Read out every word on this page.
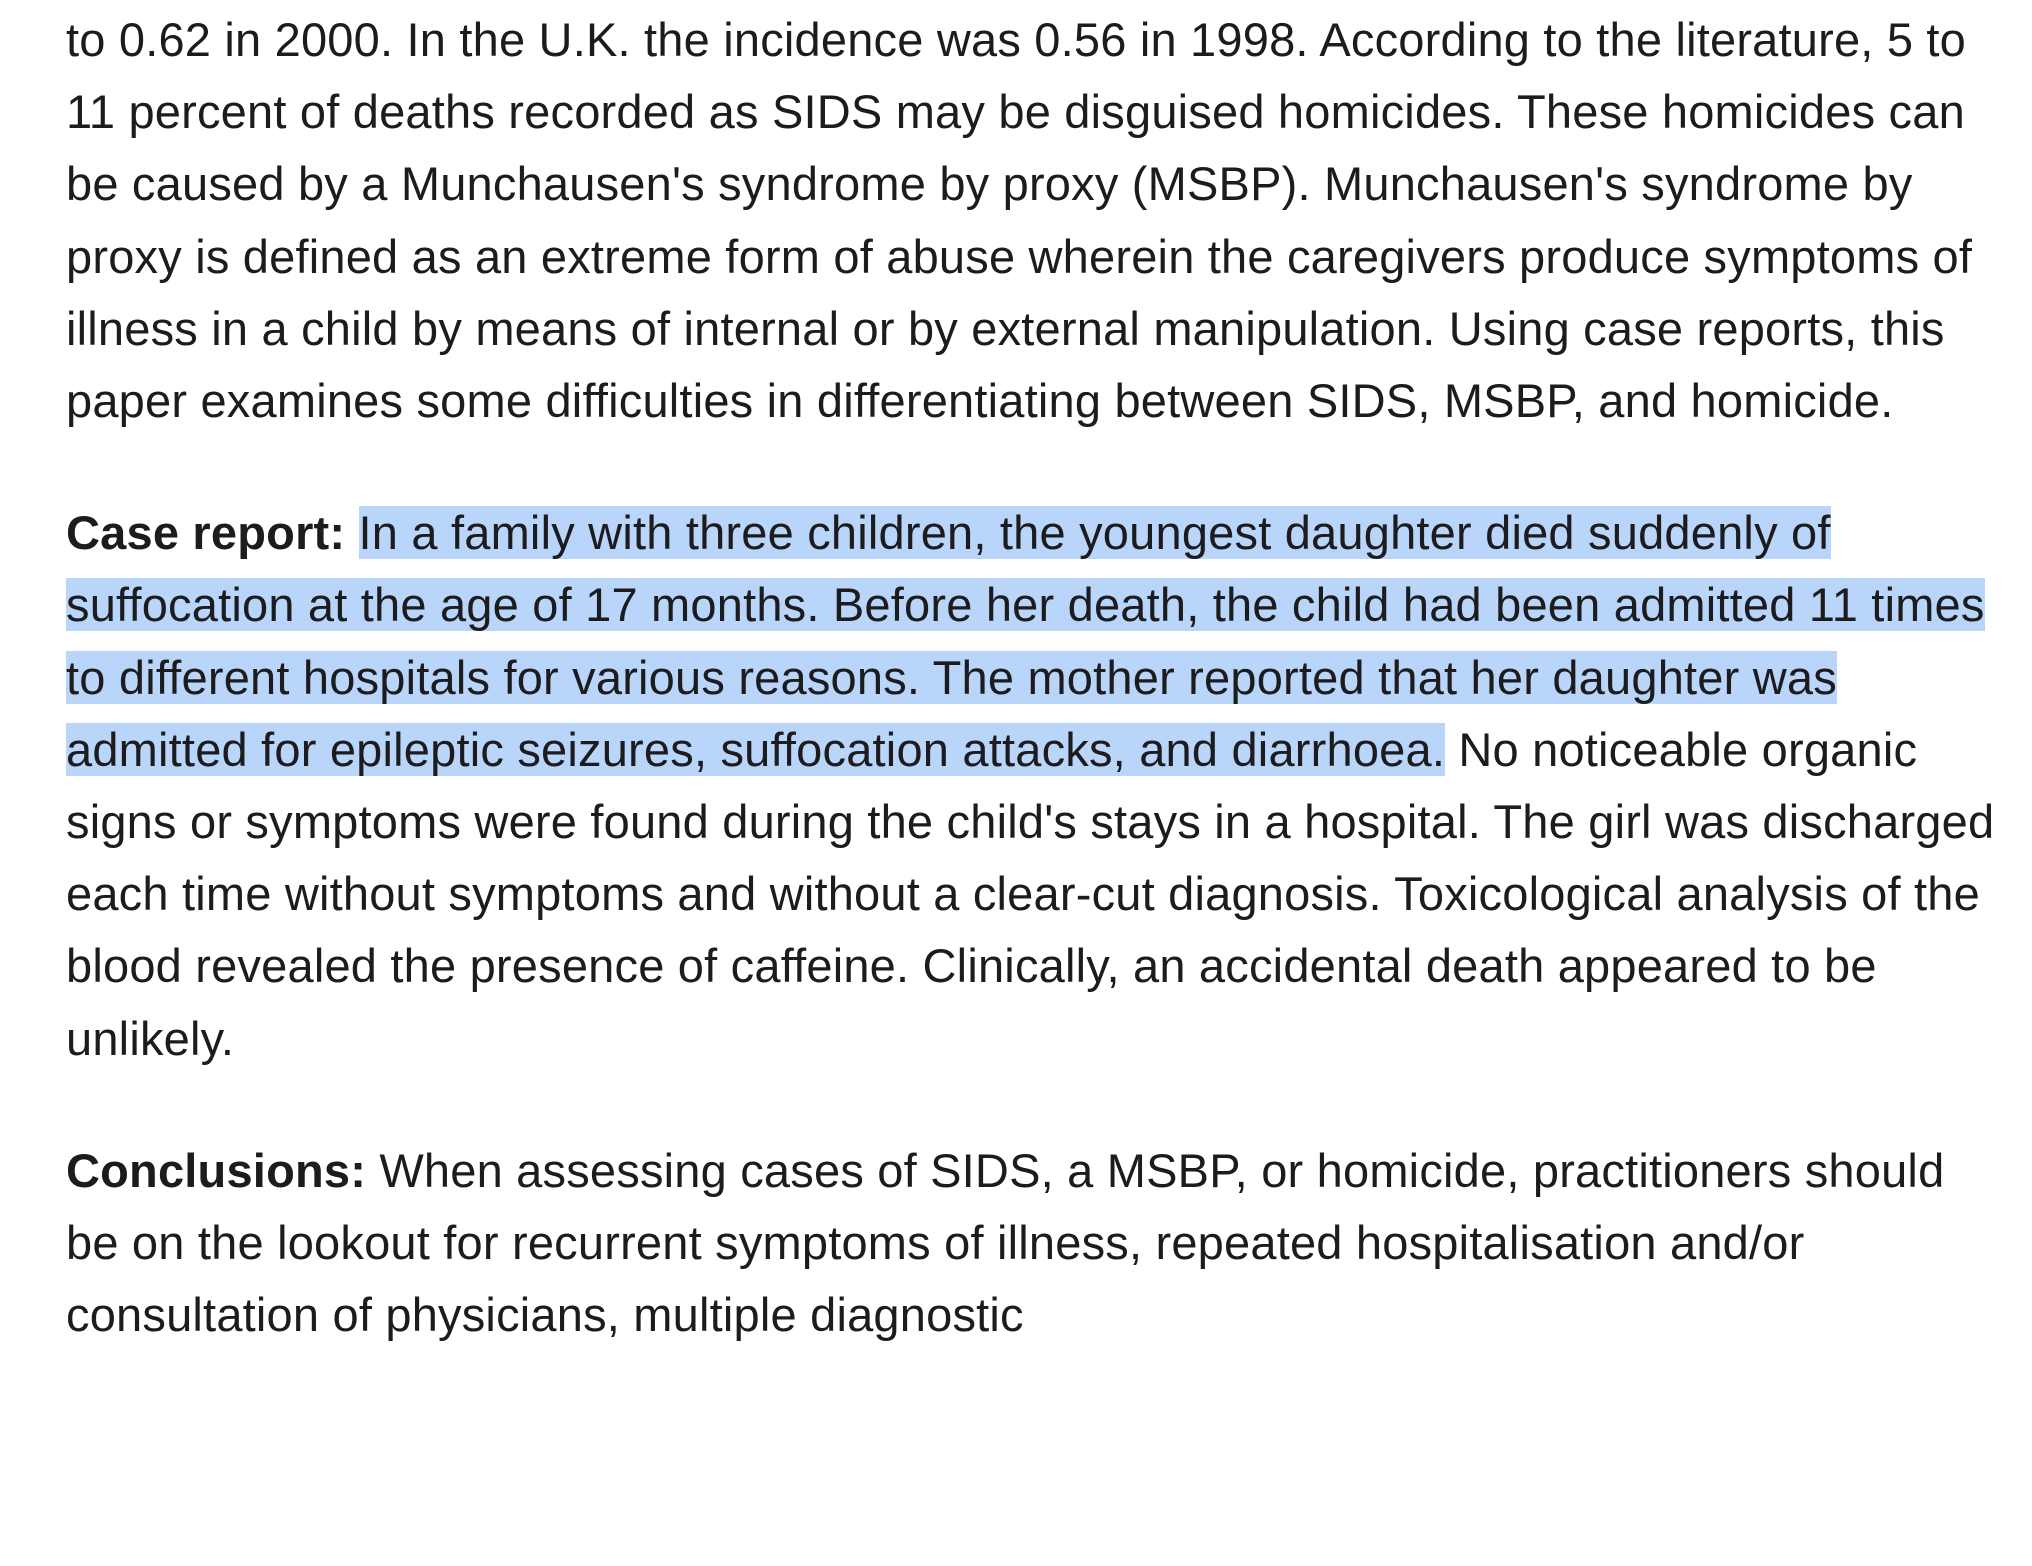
to 0.62 in 2000. In the U.K. the incidence was 0.56 in 1998. According to the literature, 5 to 11 percent of deaths recorded as SIDS may be disguised homicides. These homicides can be caused by a Munchausen's syndrome by proxy (MSBP). Munchausen's syndrome by proxy is defined as an extreme form of abuse wherein the caregivers produce symptoms of illness in a child by means of internal or by external manipulation. Using case reports, this paper examines some difficulties in differentiating between SIDS, MSBP, and homicide.

Case report: In a family with three children, the youngest daughter died suddenly of suffocation at the age of 17 months. Before her death, the child had been admitted 11 times to different hospitals for various reasons. The mother reported that her daughter was admitted for epileptic seizures, suffocation attacks, and diarrhoea. No noticeable organic signs or symptoms were found during the child's stays in a hospital. The girl was discharged each time without symptoms and without a clear-cut diagnosis. Toxicological analysis of the blood revealed the presence of caffeine. Clinically, an accidental death appeared to be unlikely.

Conclusions: When assessing cases of SIDS, a MSBP, or homicide, practitioners should be on the lookout for recurrent symptoms of illness, repeated hospitalisation and/or consultation of physicians, multiple diagnostic
